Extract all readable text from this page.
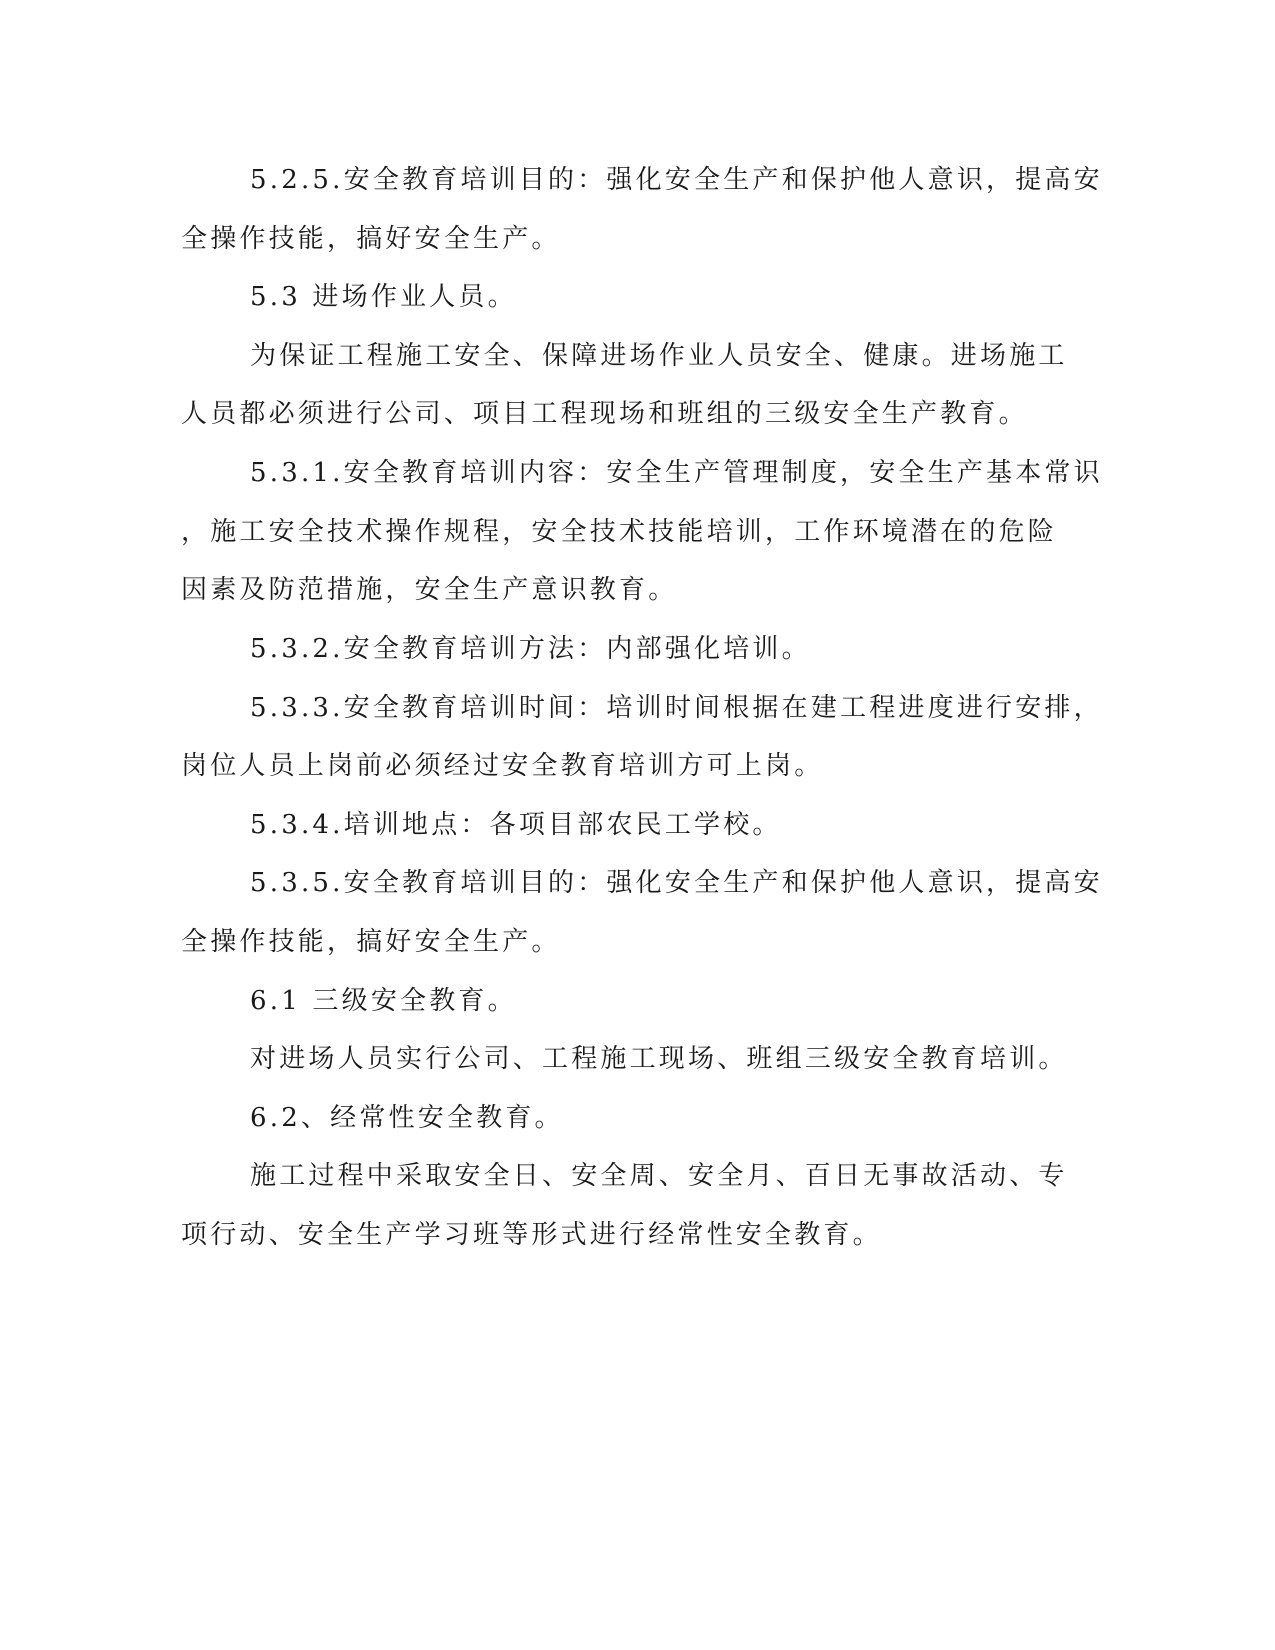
5.2.5.安全教育培训目的：强化安全生产和保护他人意识，提高安

全操作技能，搞好安全生产。

5.3 进场作业人员。

为保证工程施工安全、保障进场作业人员安全、健康。进场施工

人员都必须进行公司、项目工程现场和班组的三级安全生产教育。

5.3.1.安全教育培训内容：安全生产管理制度，安全生产基本常识

，施工安全技术操作规程，安全技术技能培训，工作环境潜在的危险

因素及防范措施，安全生产意识教育。

5.3.2.安全教育培训方法：内部强化培训。

5.3.3.安全教育培训时间：培训时间根据在建工程进度进行安排，

岗位人员上岗前必须经过安全教育培训方可上岗。

5.3.4.培训地点：各项目部农民工学校。

5.3.5.安全教育培训目的：强化安全生产和保护他人意识，提高安

全操作技能，搞好安全生产。

6.1 三级安全教育。

对进场人员实行公司、工程施工现场、班组三级安全教育培训。

6.2、经常性安全教育。

施工过程中采取安全日、安全周、安全月、百日无事故活动、专

项行动、安全生产学习班等形式进行经常性安全教育。
